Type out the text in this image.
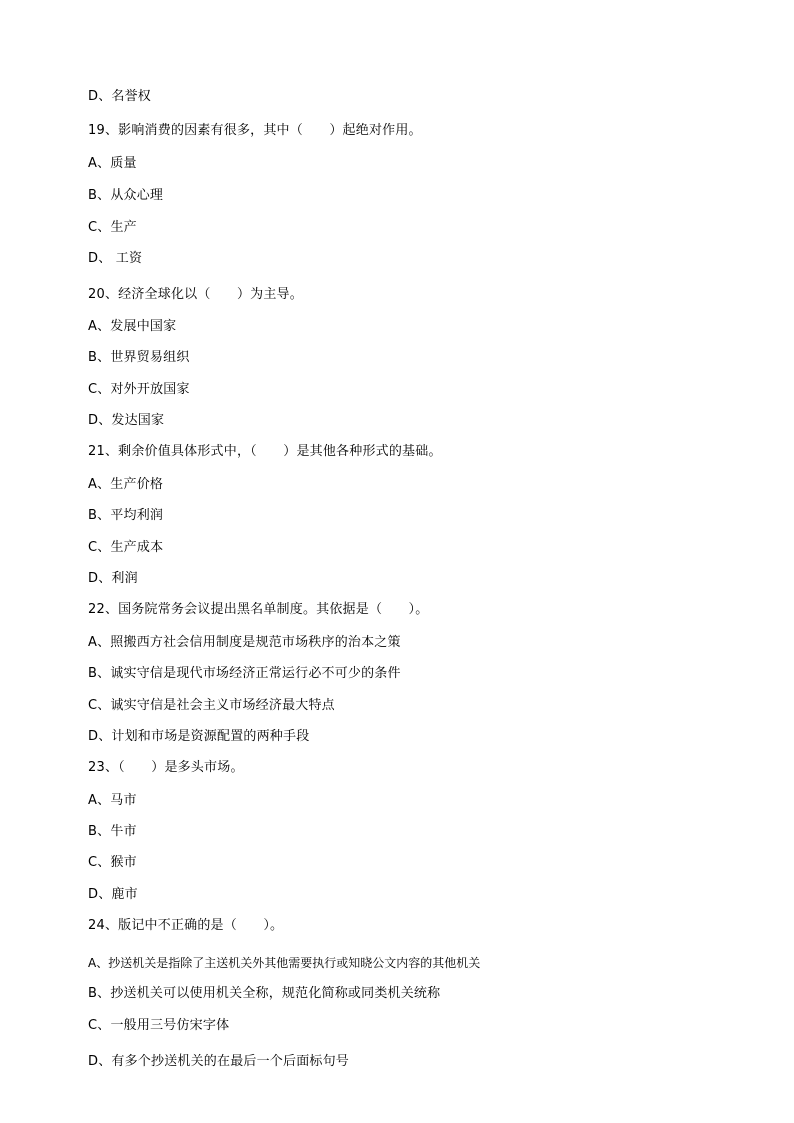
D、名誉权
19、影响消费的因素有很多，其中（　　）起绝对作用。
A、质量
B、从众心理
C、生产
D、 工资
20、经济全球化以（　　）为主导。
A、发展中国家
B、世界贸易组织
C、对外开放国家
D、发达国家
21、剩余价值具体形式中，（　　）是其他各种形式的基础。
A、生产价格
B、平均利润
C、生产成本
D、利润
22、国务院常务会议提出黑名单制度。其依据是（　　）。
A、照搬西方社会信用制度是规范市场秩序的治本之策
B、诚实守信是现代市场经济正常运行必不可少的条件
C、诚实守信是社会主义市场经济最大特点
D、计划和市场是资源配置的两种手段
23、（　　）是多头市场。
A、马市
B、牛市
C、猴市
D、鹿市
24、版记中不正确的是（　　）。
A、抄送机关是指除了主送机关外其他需要执行或知晓公文内容的其他机关
B、抄送机关可以使用机关全称，规范化简称或同类机关统称
C、一般用三号仿宋字体
D、有多个抄送机关的在最后一个后面标句号
